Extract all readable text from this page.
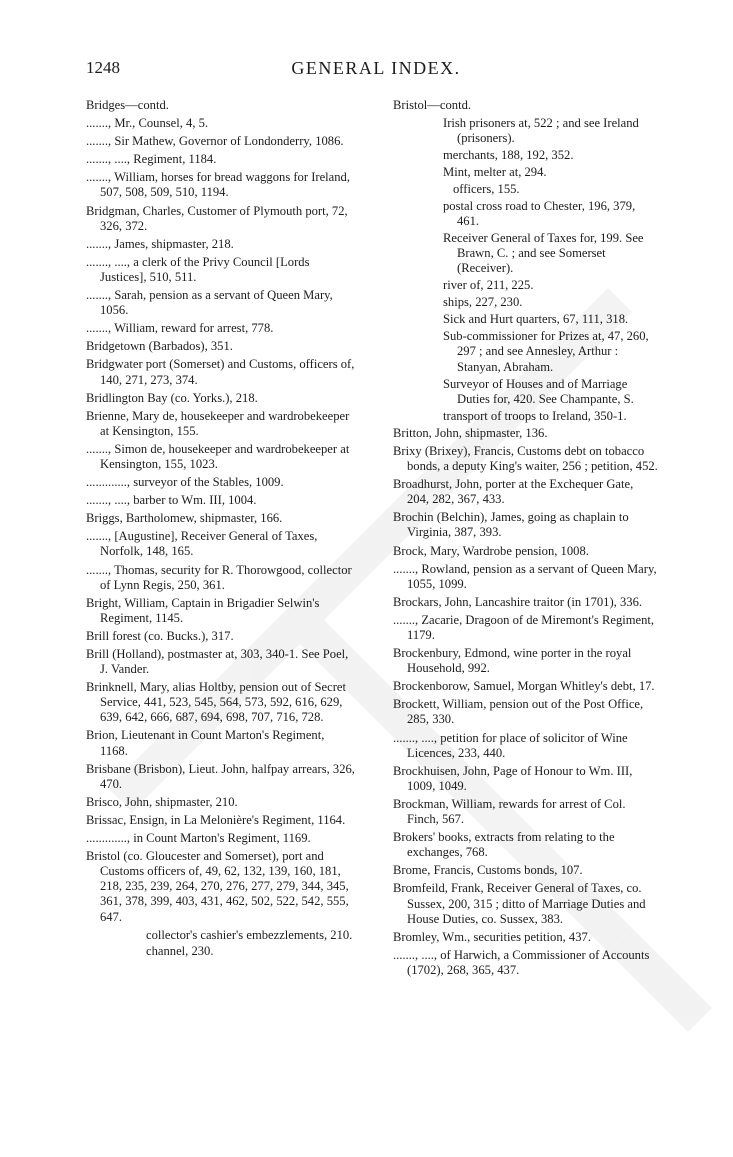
1248	GENERAL INDEX.

Bridges—contd.

......., Mr., Counsel, 4, 5.

......., Sir Mathew, Governor of Londonderry, 1086.

......., ...., Regiment, 1184.

......., William, horses for bread waggons for Ireland, 507, 508, 509, 510, 1194.

Bridgman, Charles, Customer of Plymouth port, 72, 326, 372.

......., James, shipmaster, 218.

......., ...., a clerk of the Privy Council [Lords Justices], 510, 511.

......., Sarah, pension as a servant of Queen Mary, 1056.

......., William, reward for arrest, 778.

Bridgetown (Barbados), 351.

Bridgwater port (Somerset) and Customs, officers of, 140, 271, 273, 374.

Bridlington Bay (co. Yorks.), 218.

Brienne, Mary de, housekeeper and wardrobekeeper at Kensington, 155.

......., Simon de, housekeeper and wardrobekeeper at Kensington, 155, 1023.

............., surveyor of the Stables, 1009.

......., ...., barber to Wm. III, 1004.

Briggs, Bartholomew, shipmaster, 166.

......., [Augustine], Receiver General of Taxes, Norfolk, 148, 165.

......., Thomas, security for R. Thorowgood, collector of Lynn Regis, 250, 361.

Bright, William, Captain in Brigadier Selwin's Regiment, 1145.

Brill forest (co. Bucks.), 317.

Brill (Holland), postmaster at, 303, 340-1. See Poel, J. Vander.

Brinknell, Mary, alias Holtby, pension out of Secret Service, 441, 523, 545, 564, 573, 592, 616, 629, 639, 642, 666, 687, 694, 698, 707, 716, 728.

Brion, Lieutenant in Count Marton's Regiment, 1168.

Brisbane (Brisbon), Lieut. John, halfpay arrears, 326, 470.

Brisco, John, shipmaster, 210.

Brissac, Ensign, in La Melonière's Regiment, 1164.

............., in Count Marton's Regiment, 1169.

Bristol (co. Gloucester and Somerset), port and Customs officers of, 49, 62, 132, 139, 160, 181, 218, 235, 239, 264, 270, 276, 277, 279, 344, 345, 361, 378, 399, 403, 431, 462, 502, 522, 542, 555, 647.

collector's cashier's embezzlements, 210.

channel, 230.

Bristol—contd.

Irish prisoners at, 522 ; and see Ireland (prisoners).

merchants, 188, 192, 352.

Mint, melter at, 294.

officers, 155.

postal cross road to Chester, 196, 379, 461.

Receiver General of Taxes for, 199. See Brawn, C. ; and see Somerset (Receiver).

river of, 211, 225.

ships, 227, 230.

Sick and Hurt quarters, 67, 111, 318.

Sub-commissioner for Prizes at, 47, 260, 297 ; and see Annesley, Arthur : Stanyan, Abraham.

Surveyor of Houses and of Marriage Duties for, 420. See Champante, S.

transport of troops to Ireland, 350-1.

Britton, John, shipmaster, 136.

Brixy (Brixey), Francis, Customs debt on tobacco bonds, a deputy King's waiter, 256 ; petition, 452.

Broadhurst, John, porter at the Exchequer Gate, 204, 282, 367, 433.

Brochin (Belchin), James, going as chaplain to Virginia, 387, 393.

Brock, Mary, Wardrobe pension, 1008.

......., Rowland, pension as a servant of Queen Mary, 1055, 1099.

Brockars, John, Lancashire traitor (in 1701), 336.

......., Zacarie, Dragoon of de Miremont's Regiment, 1179.

Brockenbury, Edmond, wine porter in the royal Household, 992.

Brockenborow, Samuel, Morgan Whitley's debt, 17.

Brockett, William, pension out of the Post Office, 285, 330.

......., ...., petition for place of solicitor of Wine Licences, 233, 440.

Brockhuisen, John, Page of Honour to Wm. III, 1009, 1049.

Brockman, William, rewards for arrest of Col. Finch, 567.

Brokers' books, extracts from relating to the exchanges, 768.

Brome, Francis, Customs bonds, 107.

Bromfeild, Frank, Receiver General of Taxes, co. Sussex, 200, 315 ; ditto of Marriage Duties and House Duties, co. Sussex, 383.

Bromley, Wm., securities petition, 437.

......., ...., of Harwich, a Commissioner of Accounts (1702), 268, 365, 437.
